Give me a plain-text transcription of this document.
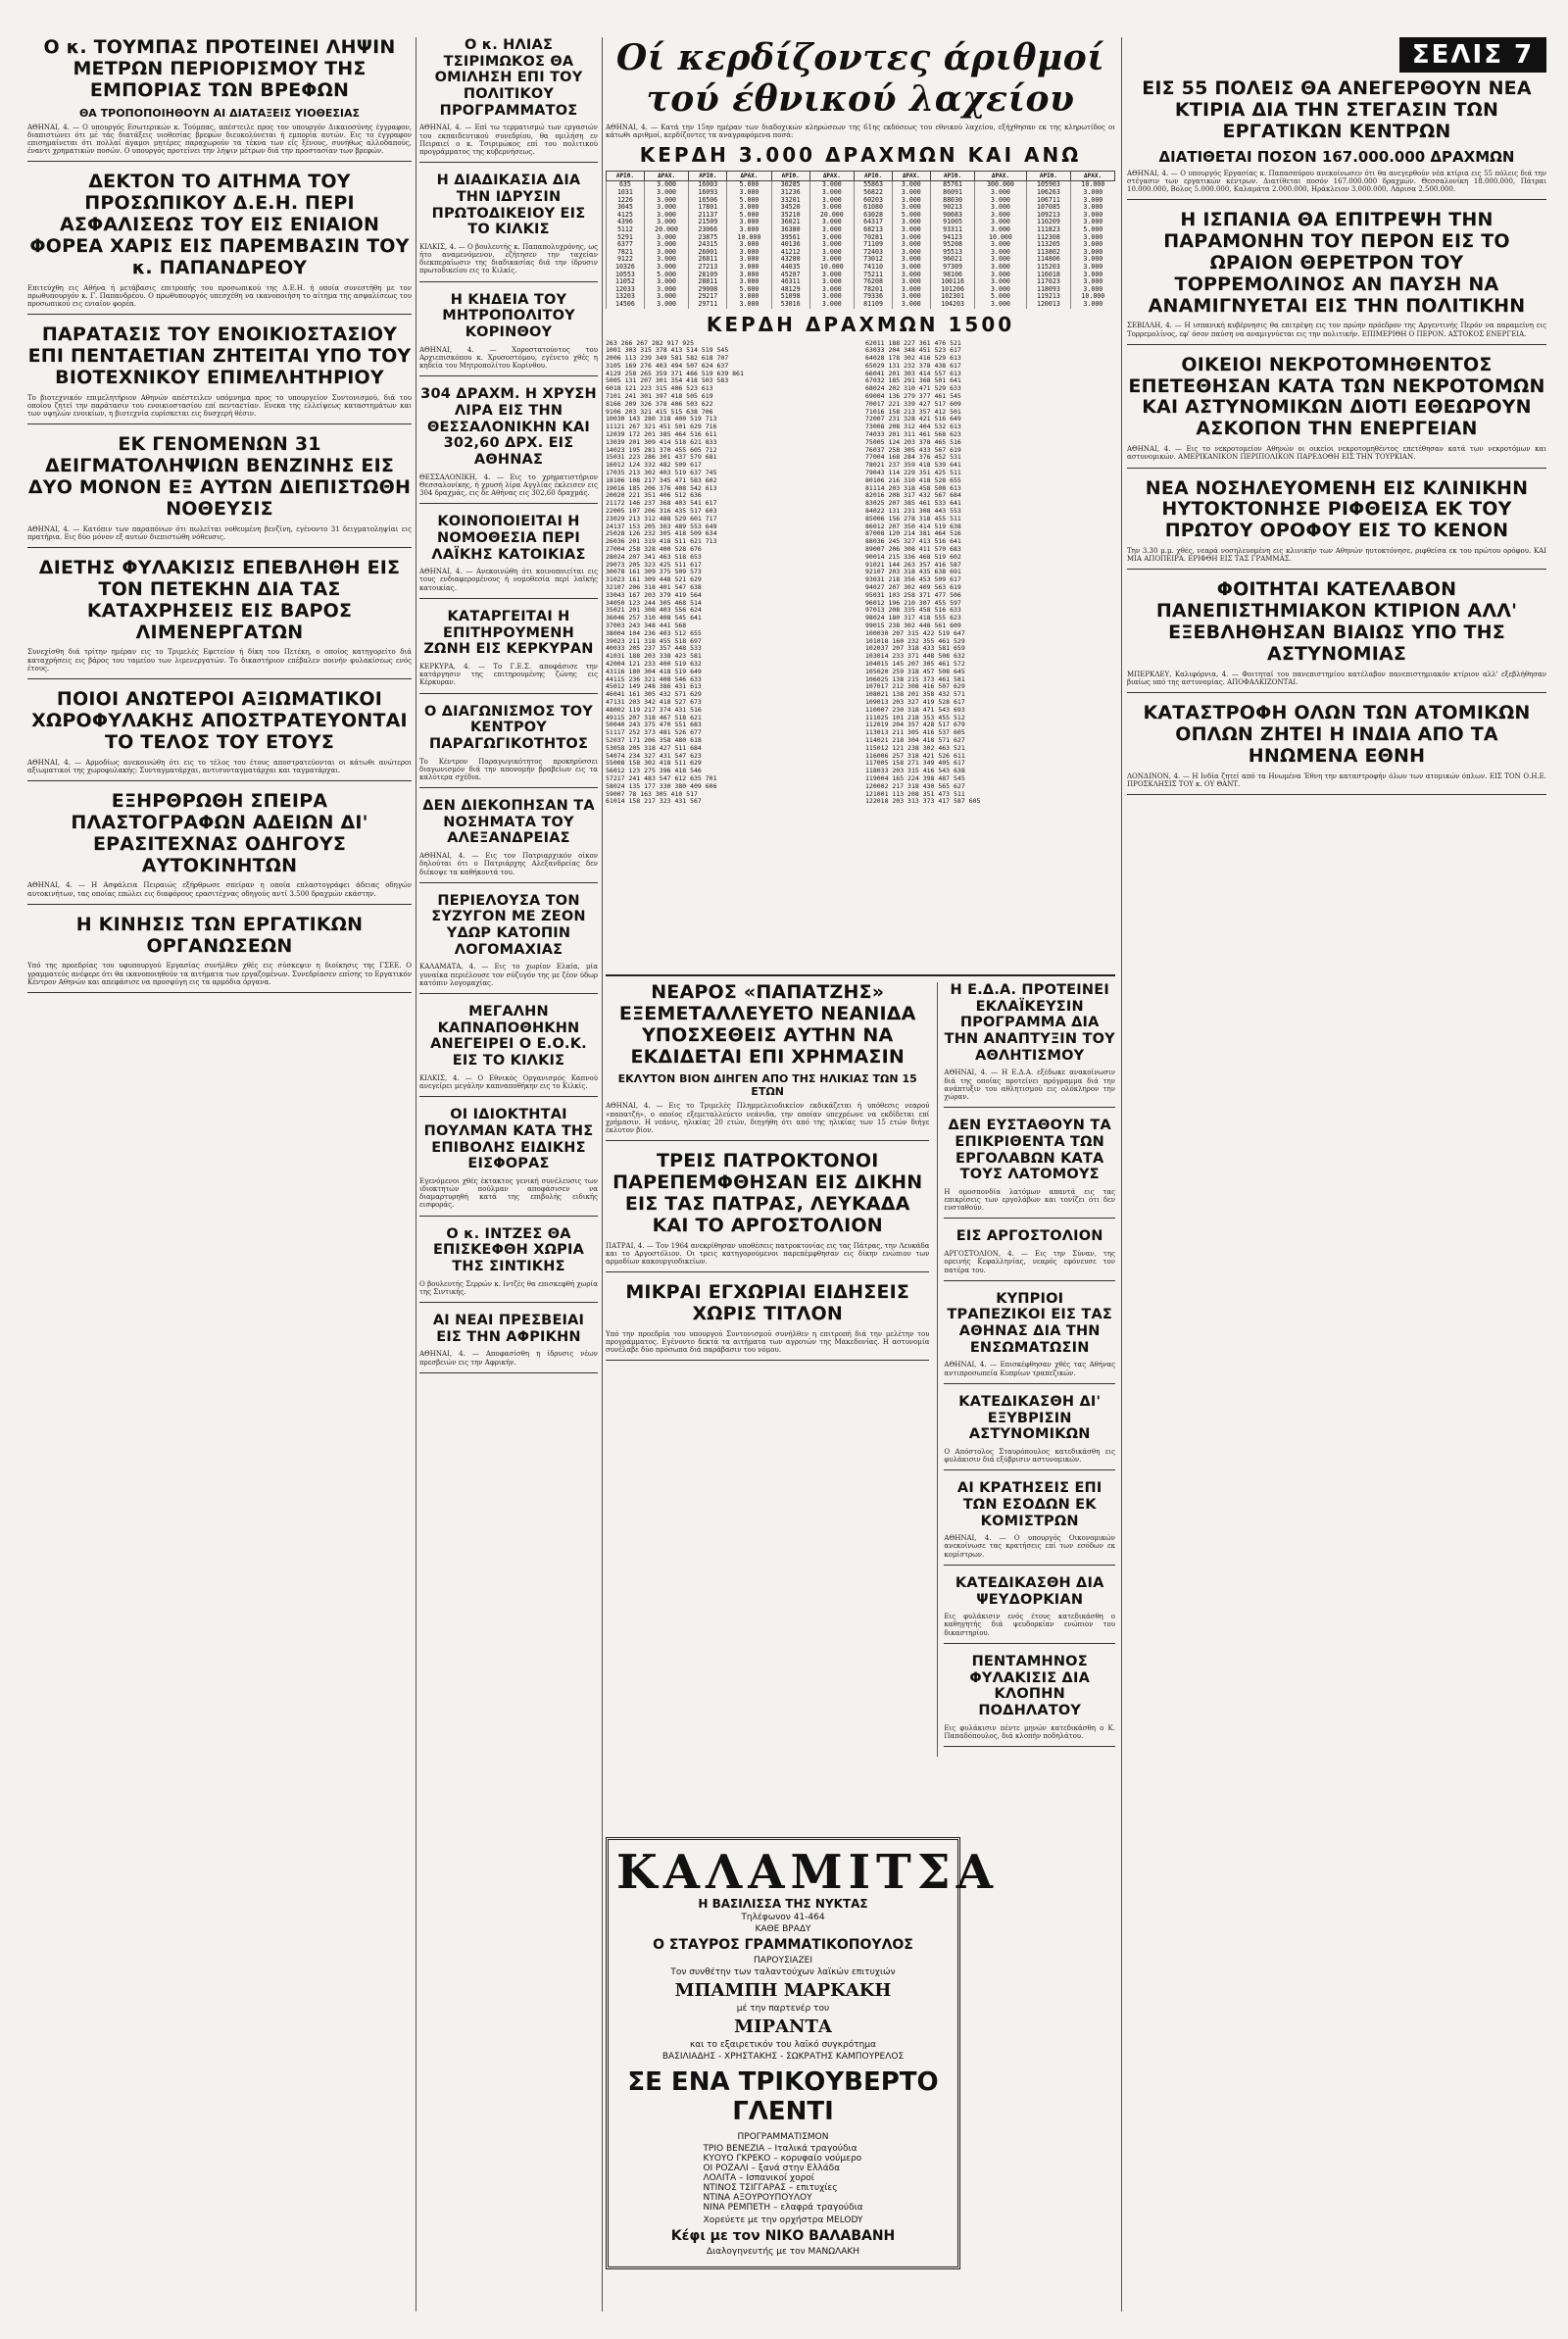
Ο κ. ΤΟΥΜΠΑΣ ΠΡΟΤΕΙΝΕΙ ΛΗΨΙΝ ΜΕΤΡΩΝ ΠΕΡΙΟΡΙΣΜΟΥ ΤΗΣ ΕΜΠΟΡΙΑΣ ΤΩΝ ΒΡΕΦΩΝ
ΘΑ ΤΡΟΠΟΠΟΙΗΘΟΥΝ ΑΙ ΔΙΑΤΑΞΕΙΣ ΥΙΟΘΕΣΙΑΣ
ΑΘΗΝΑΙ, 4. — Ο υπουργός Εσωτερικών κ. Τούμπας, απέστειλε προς τον υπουργόν Δικαιοσύνης έγγραφον, διαπιστώνει ότι μέ τάς διατάξεις υιοθεσίας βρεφών διευκολύνεται ή εμπορία αυτών. Εις το έγγραφον επισημαίνεται ότι πολλαί άγαμοι μητέρες παραχωρούν τα τέκνα των είς ξένους, συνήθως αλλοδαπούς, έναντι χρηματικών ποσών. Ο υπουργός προτείνει την λήψιν μέτρων διά την προστασίαν των βρεφών.
ΔΕΚΤΟΝ ΤΟ ΑΙΤΗΜΑ ΤΟΥ ΠΡΟΣΩΠΙΚΟΥ Δ.Ε.Η. ΠΕΡΙ ΑΣΦΑΛΙΣΕΩΣ ΤΟΥ ΕΙΣ ΕΝΙΑΙΟΝ ΦΟΡΕΑ ΧΑΡΙΣ ΕΙΣ ΠΑΡΕΜΒΑΣΙΝ ΤΟΥ κ. ΠΑΠΑΝΔΡΕΟΥ
Επιτεύχθη εις Αθήνα ή μετάβασις επιτροπής του προσωπικού της Δ.Ε.Η. ή οποία συνεστήθη με τον πρωθυπουργόν κ. Γ. Παπανδρέου. Ο πρωθυπουργός υπεσχέθη να ικανοποιήση το αίτημα της ασφαλίσεως του προσωπικού εις ενιαίον φορέα.
ΠΑΡΑΤΑΣΙΣ ΤΟΥ ΕΝΟΙΚΙΟΣΤΑΣΙΟΥ ΕΠΙ ΠΕΝΤΑΕΤΙΑΝ ΖΗΤΕΙΤΑΙ ΥΠΟ ΤΟΥ ΒΙΟΤΕΧΝΙΚΟΥ ΕΠΙΜΕΛΗΤΗΡΙΟΥ
Το βιοτεχνικόν επιμελητήριον Αθηνών απέστειλεν υπόμνημα προς το υπουργείον Συντονισμού, διά του οποίου ζητεί την παράτασιν του ενοικιοστασίου επί πενταετίαν. Ενεκα της ελλείψεως καταστημάτων και των υψηλών ενοικίων, η βιοτεχνία ευρίσκεται εις δυσχερή θέσιν.
ΕΚ ΓΕΝΟΜΕΝΩΝ 31 ΔΕΙΓΜΑΤΟΛΗΨΙΩΝ ΒΕΝΖΙΝΗΣ ΕΙΣ ΔΥΟ ΜΟΝΟΝ ΕΞ ΑΥΤΩΝ ΔΙΕΠΙΣΤΩΘΗ ΝΟΘΕΥΣΙΣ
ΑΘΗΝΑΙ, 4. — Κατόπιν των παραπόνων ότι πωλείται νοθευμένη βενζίνη, εγένοντο 31 δειγματοληψίαι εις πρατήρια. Εις δύο μόνον εξ αυτών διεπιστώθη νόθευσις.
ΔΙΕΤΗΣ ΦΥΛΑΚΙΣΙΣ ΕΠΕΒΛΗΘΗ ΕΙΣ ΤΟΝ ΠΕΤΕΚΗΝ ΔΙΑ ΤΑΣ ΚΑΤΑΧΡΗΣΕΙΣ ΕΙΣ ΒΑΡΟΣ ΛΙΜΕΝΕΡΓΑΤΩΝ
Συνεχίσθη διά τρίτην ημέραν εις το Τριμελές Εφετείον ή δίκη του Πετέκη, ο οποίος κατηγορείτο διά καταχρήσεις εις βάρος του ταμείου των λιμενεργατών. Το δικαστήριον επέβαλεν ποινήν φυλακίσεως ενός έτους.
ΠΟΙΟΙ ΑΝΩΤΕΡΟΙ ΑΞΙΩΜΑΤΙΚΟΙ ΧΩΡΟΦΥΛΑΚΗΣ ΑΠΟΣΤΡΑΤΕΥΟΝΤΑΙ ΤΟ ΤΕΛΟΣ ΤΟΥ ΕΤΟΥΣ
ΑΘΗΝΑΙ, 4. — Αρμοδίως ανεκοινώθη ότι εις το τέλος του έτους αποστρατεύονται οι κάτωθι ανώτεροι αξιωματικοί της χωροφυλακής: Συνταγματάρχαι, αντισυνταγματάρχαι και ταγματάρχαι.
ΕΞΗΡΘΡΩΘΗ ΣΠΕΙΡΑ ΠΛΑΣΤΟΓΡΑΦΩΝ ΑΔΕΙΩΝ ΔΙ' ΕΡΑΣΙΤΕΧΝΑΣ ΟΔΗΓΟΥΣ ΑΥΤΟΚΙΝΗΤΩΝ
ΑΘΗΝΑΙ, 4. — Η Ασφάλεια Πειραιώς εξήρθρωσε σπείραν η οποία επλαστογράφει άδειας οδηγών αυτοκινήτων, τας οποίας επώλει εις διαφόρους ερασιτέχνας οδηγούς αντί 3.500 δραχμών εκάστην.
Η ΚΙΝΗΣΙΣ ΤΩΝ ΕΡΓΑΤΙΚΩΝ ΟΡΓΑΝΩΣΕΩΝ
Υπό της προεδρίας του υφυπουργού Εργασίας συνήλθεν χθές εις σύσκεψιν η διοίκησις της ΓΣΕΕ. Ο γραμματεύς ανέφερε ότι θα ικανοποιηθούν τα αιτήματα των εργαζομένων. Συνεδρίασεν επίσης το Εργατικόν Κέντρον Αθηνών και απεφάσισε να προσφύγη εις τα αρμόδια όργανα.
Ο κ. ΗΛΙΑΣ ΤΣΙΡΙΜΩΚΟΣ ΘΑ ΟΜΙΛΗΣΗ ΕΠΙ ΤΟΥ ΠΟΛΙΤΙΚΟΥ ΠΡΟΓΡΑΜΜΑΤΟΣ
ΑΘΗΝΑΙ, 4. — Επί τω τερματισμώ των εργασιών του εκπαιδευτικού συνεδρίου, θα ομιλήση εν Πειραιεί ο κ. Τσιριμώκος επί του πολιτικού προγράμματος της κυβερνήσεως.
Η ΔΙΑΔΙΚΑΣΙΑ ΔΙΑ ΤΗΝ ΙΔΡΥΣΙΝ ΠΡΩΤΟΔΙΚΕΙΟΥ ΕΙΣ ΤΟ ΚΙΛΚΙΣ
ΚΙΛΚΙΣ, 4. — Ο βουλευτής κ. Παπαπολυχρόνης, ως ήτο αναμενόμενον, εζήτησεν την ταχείαν διεκπεραίωσιν της διαδικασίας διά την ίδρυσιν πρωτοδικείου εις το Κιλκίς.
Η ΚΗΔΕΙΑ ΤΟΥ ΜΗΤΡΟΠΟΛΙΤΟΥ ΚΟΡΙΝΘΟΥ
ΑΘΗΝΑΙ, 4. — Χοροστατούντος του Αρχιεπισκόπου κ. Χρυσοστόμου, εγένετο χθές η κηδεία του Μητροπολίτου Κορίνθου.
304 ΔΡΑΧΜ. Η ΧΡΥΣΗ ΛΙΡΑ ΕΙΣ ΤΗΝ ΘΕΣΣΑΛΟΝΙΚΗΝ ΚΑΙ 302,60 ΔΡΧ. ΕΙΣ ΑΘΗΝΑΣ
ΘΕΣΣΑΛΟΝΙΚΗ, 4. — Εις το χρηματιστήριον Θεσσαλονίκης, ή χρυσή λίρα Αγγλίας έκλεισεν εις 304 δραχμάς, εις δε Αθήνας εις 302,60 δραχμάς.
ΚΟΙΝΟΠΟΙΕΙΤΑΙ Η ΝΟΜΟΘΕΣΙΑ ΠΕΡΙ ΛΑΪΚΗΣ ΚΑΤΟΙΚΙΑΣ
ΑΘΗΝΑΙ, 4. — Ανεκοινώθη ότι κοινοποιείται εις τους ενδιαφερομένους ή νομοθεσία περί λαϊκής κατοικίας.
ΚΑΤΑΡΓΕΙΤΑΙ Η ΕΠΙΤΗΡΟΥΜΕΝΗ ΖΩΝΗ ΕΙΣ ΚΕΡΚΥΡΑΝ
ΚΕΡΚΥΡΑ, 4. — Το Γ.Ε.Σ. αποφάσισε την κατάργησιν της επιτηρουμένης ζώνης εις Κέρκυραν.
Ο ΔΙΑΓΩΝΙΣΜΟΣ ΤΟΥ ΚΕΝΤΡΟΥ ΠΑΡΑΓΩΓΙΚΟΤΗΤΟΣ
Το Κέντρον Παραγωγικότητος προκηρύσσει διαγωνισμόν διά την απονομήν βραβείων εις τα καλύτερα σχέδια.
ΔΕΝ ΔΙΕΚΟΠΗΣΑΝ ΤΑ ΝΟΣΗΜΑΤΑ ΤΟΥ ΑΛΕΞΑΝΔΡΕΙΑΣ
ΑΘΗΝΑΙ, 4. — Εις τον Πατριαρχικόν οίκον δηλούται ότι ο Πατριάρχης Αλεξανδρείας δεν διέκοψε τα καθήκοντά του.
ΠΕΡΙΕΛΟΥΣΑ ΤΟΝ ΣΥΖΥΓΟΝ ΜΕ ΖΕΟΝ ΥΔΩΡ ΚΑΤΟΠΙΝ ΛΟΓΟΜΑΧΙΑΣ
ΚΑΛΑΜΑΤΑ, 4. — Εις το χωρίον Ελαία, μία γυναίκα περιέλουσε τον σύζυγόν της με ζέον ύδωρ κατόπιν λογομαχίας.
ΜΕΓΑΛΗΝ ΚΑΠΝΑΠΟΘΗΚΗΝ ΑΝΕΓΕΙΡΕΙ Ο Ε.Ο.Κ. ΕΙΣ ΤΟ ΚΙΛΚΙΣ
ΚΙΛΚΙΣ, 4. — Ο Εθνικός Οργανισμός Καπνού ανεγείρει μεγάλην καπναποθήκην εις το Κιλκίς.
ΟΙ ΙΔΙΟΚΤΗΤΑΙ ΠΟΥΛΜΑΝ ΚΑΤΑ ΤΗΣ ΕΠΙΒΟΛΗΣ ΕΙΔΙΚΗΣ ΕΙΣΦΟΡΑΣ
Εγενόμενοι χθές έκτακτος γενική συνέλευσις των ιδιοκτητών πούλμαν αποφάσισεν να διαμαρτυρηθή κατά της επιβολής ειδικής εισφοράς.
Ο κ. ΙΝΤΖΕΣ ΘΑ ΕΠΙΣΚΕΦΘΗ ΧΩΡΙΑ ΤΗΣ ΣΙΝΤΙΚΗΣ
Ο βουλευτής Σερρών κ. Ιντζές θα επισκεφθή χωρία της Σιντικής.
ΑΙ ΝΕΑΙ ΠΡΕΣΒΕΙΑΙ ΕΙΣ ΤΗΝ ΑΦΡΙΚΗΝ
ΑΘΗΝΑΙ, 4. — Αποφασίσθη η ίδρυσις νέων πρεσβειών εις την Αφρικήν.
Οί κερδίζοντες άριθμοί τού έθνικού λαχείου
ΑΘΗΝΑΙ, 4. — Κατά την 15ην ημέραν των διαδοχικών κληρώσεων της 61ης εκδόσεως του εθνικού λαχείου, εξήχθησαν εκ της κληρωτίδος οι κάτωθι αριθμοί, κερδίζοντες τα αναγραφόμενα ποσά:
ΚΕΡΔΗ 3.000 ΔΡΑΧΜΩΝ ΚΑΙ ΑΝΩ
ΑΡΙΘ.	ΔΡΑΧ.	ΑΡΙΘ.	ΔΡΑΧ.	ΑΡΙΘ.	ΔΡΑΧ.	ΑΡΙΘ.	ΔΡΑΧ.	ΑΡΙΘ.	ΔΡΑΧ.	ΑΡΙΘ.	ΔΡΑΧ.
635	3.000	16003	5.000	30285	3.000	55863	3.000	85761	300.000	105903	10.000
1031	3.000	16093	3.000	31236	3.000	56822	3.000	86091	3.000	106263	3.000
1226	3.000	16506	5.000	33201	3.000	60203	3.000	88030	3.000	106711	3.000
3045	3.000	17801	3.000	34520	3.000	61080	3.000	90213	3.000	107085	3.000
4125	3.000	21137	5.000	35210	20.000	63028	5.000	90683	3.000	109213	3.000
4396	3.000	21509	3.000	36021	3.000	64317	3.000	91005	3.000	110209	3.000
5112	20.000	23066	3.000	36380	3.000	68213	3.000	93311	3.000	111823	5.000
5291	3.000	23875	10.000	39561	3.000	70281	3.000	94123	10.000	112308	3.000
6377	3.000	24315	3.000	40136	3.000	71109	3.000	95208	3.000	113205	3.000
7821	3.000	26001	3.000	41212	3.000	72403	3.000	95513	3.000	113802	3.000
9122	3.000	26811	3.000	43280	3.000	73012	3.000	96021	3.000	114806	3.000
10326	3.000	27213	3.000	44035	10.000	74110	3.000	97309	3.000	115203	3.000
10553	5.000	28109	3.000	45207	3.000	75211	3.000	98106	3.000	116018	3.000
11052	3.000	28811	3.000	46311	3.000	76208	3.000	100116	3.000	117023	3.000
12033	3.000	29008	5.000	48129	3.000	78201	3.000	101206	3.000	118093	3.000
13203	3.000	29217	3.000	51098	3.000	79336	3.000	102301	5.000	119213	10.000
14506	3.000	29711	3.000	53016	3.000	81109	3.000	104203	3.000	120013	3.000
ΚΕΡΔΗ ΔΡΑΧΜΩΝ 1500
263 266 267 282 917 925
1001 303 315 378 413 514 519 545
2006 113 239 349 581 582 618 707
3105 169 276 403 494 507 624 637
4129 258 265 359 371 466 519 639 861
5005 131 207 301 354 418 503 583
6018 121 223 315 406 523 613
7101 241 301 397 418 505 619
8166 209 326 378 406 503 622
9106 203 321 415 515 638 706
10030 143 280 318 400 519 713
11121 267 321 451 501 629 716
12039 172 201 385 464 516 611
13039 201 309 414 518 621 833
14023 195 281 370 455 605 712
15031 223 286 301 437 579 681
16012 124 332 482 509 617
17035 213 302 403 519 637 745
18106 108 217 345 471 583 602
19016 185 206 376 408 542 613
20020 221 351 406 512 636
21172 146 237 368 403 541 617
22005 107 206 316 435 517 603
23029 213 312 488 529 601 717
24137 153 205 303 489 553 649
25028 126 232 305 418 509 634
26036 201 319 418 511 621 713
27004 258 328 400 528 676
28024 207 341 463 518 653
29073 205 323 425 511 617
30078 161 309 375 509 573
31023 161 309 448 521 629
32107 206 318 401 547 638
33043 167 203 379 419 564
34050 123 244 305 468 514
35021 201 308 403 556 624
36046 257 310 408 545 641
37003 243 348 441 568
38004 104 236 403 512 655
39023 211 318 455 518 697
40033 205 237 357 448 533
41031 188 203 338 423 581
42004 121 233 400 519 632
43116 180 304 418 519 649
44115 236 321 408 546 633
45012 149 248 386 431 613
46041 161 305 432 571 629
47131 203 342 418 527 673
48002 119 217 374 431 516
49115 207 318 467 518 621
50040 243 375 470 551 683
51117 252 373 481 526 677
52037 171 206 358 480 618
53058 205 318 427 511 684
54074 234 327 431 547 623
55008 158 302 418 511 629
56012 123 275 396 418 546
57217 241 483 547 612 635 701
58024 135 177 330 380 409 606
59007 78 163 305 410 517
61014 158 217 323 431 567
62011 188 227 361 476 521
63033 204 348 451 523 617
64028 178 302 416 529 613
65029 131 232 378 438 617
66041 201 303 414 557 613
67032 185 291 368 501 641
68024 202 310 471 529 633
69004 136 279 377 461 545
70017 221 339 427 517 609
71016 158 213 357 412 501
72007 231 328 421 516 649
73008 208 312 404 532 613
74033 201 311 461 568 623
75005 124 203 378 465 516
76037 258 305 433 567 619
77004 168 284 376 452 531
78021 237 359 418 539 641
79043 114 229 351 425 511
80106 216 310 418 528 655
81114 203 318 458 508 613
82016 208 317 432 567 684
83025 207 385 461 533 641
84022 131 231 308 443 553
85006 156 278 318 455 511
86012 207 350 414 519 638
87008 120 214 381 464 516
88036 245 327 413 516 641
89007 206 308 411 570 683
90014 215 336 468 519 602
91021 144 263 357 416 587
92107 203 318 435 638 691
93031 218 356 453 509 617
94027 207 302 409 563 619
95031 103 258 371 477 506
96012 196 210 307 455 597
97013 208 335 458 516 633
98024 180 317 418 555 623
99015 238 302 448 561 609
100030 207 315 422 519 647
101018 160 232 355 461 529
102037 207 318 433 581 659
103014 233 371 448 508 632
104015 145 207 305 461 572
105020 259 318 457 508 645
106025 138 215 373 461 581
107017 212 308 416 507 629
108021 138 201 358 432 571
109013 203 327 419 528 617
110007 230 318 471 543 693
111025 101 218 353 455 512
112019 204 357 428 517 679
113013 211 305 416 537 605
114021 218 304 418 571 627
115012 121 238 302 463 521
116006 257 318 421 526 611
117005 158 271 349 405 617
118033 203 315 416 543 638
119004 165 224 398 487 545
120002 217 318 430 565 627
121001 113 208 351 473 511
122018 203 313 373 417 587 605
ΝΕΑΡΟΣ «ΠΑΠΑΤΖΗΣ» ΕΞΕΜΕΤΑΛΛΕΥΕΤΟ ΝΕΑΝΙΔΑ ΥΠΟΣΧΕΘΕΙΣ ΑΥΤΗΝ ΝΑ ΕΚΔΙΔΕΤΑΙ ΕΠΙ ΧΡΗΜΑΣΙΝ
ΕΚΛΥΤΟΝ ΒΙΟΝ ΔΙΗΓΕΝ ΑΠΟ ΤΗΣ ΗΛΙΚΙΑΣ ΤΩΝ 15 ΕΤΩΝ
ΑΘΗΝΑΙ, 4. — Εις το Τριμελές Πλημμελειοδικείον εκδικάζεται ή υπόθεσις νεαρού «παπατζή», ο οποίος εξεμεταλλεύετο νεάνιδα, την οποίαν υπεχρέωνε να εκδίδεται επί χρήμασιν. Η νεάνις, ηλικίας 20 ετών, διηγήθη ότι από της ηλικίας των 15 ετών διήγε έκλυτον βίον.
ΤΡΕΙΣ ΠΑΤΡΟΚΤΟΝΟΙ ΠΑΡΕΠΕΜΦΘΗΣΑΝ ΕΙΣ ΔΙΚΗΝ ΕΙΣ ΤΑΣ ΠΑΤΡΑΣ, ΛΕΥΚΑΔΑ ΚΑΙ ΤΟ ΑΡΓΟΣΤΟΛΙΟΝ
ΠΑΤΡΑΙ, 4. — Τον 1964 ανεκρίθησαν υποθέσεις πατροκτονίας εις τας Πάτρας, την Λευκάδα και το Αργοστόλιον. Οι τρεις κατηγορούμενοι παρεπέμφθησαν εις δίκην ενώπιον των αρμοδίων κακουργιοδικείων.
ΜΙΚΡΑΙ ΕΓΧΩΡΙΑΙ ΕΙΔΗΣΕΙΣ ΧΩΡΙΣ ΤΙΤΛΟΝ
Υπό την προεδρία του υπουργού Συντονισμού συνήλθεν η επιτροπή διά την μελέτην του προγράμματος. Εγένοντο δεκτά τα αιτήματα των αγροτών της Μακεδονίας. Η αστυνομία συνέλαβε δύο πρόσωπα διά παράβασιν του νόμου.
Η Ε.Δ.Α. ΠΡΟΤΕΙΝΕΙ ΕΚΛΑΪΚΕΥΣΙΝ ΠΡΟΓΡΑΜΜΑ ΔΙΑ ΤΗΝ ΑΝΑΠΤΥΞΙΝ ΤΟΥ ΑΘΛΗΤΙΣΜΟΥ
ΑΘΗΝΑΙ, 4. — Η Ε.Δ.Α. εξέδωκε ανακοίνωσιν διά της οποίας προτείνει πρόγραμμα διά την ανάπτυξιν του αθλητισμού εις ολόκληρον την χώραν.
ΔΕΝ ΕΥΣΤΑΘΟΥΝ ΤΑ ΕΠΙΚΡΙΘΕΝΤΑ ΤΩΝ ΕΡΓΟΛΑΒΩΝ ΚΑΤΑ ΤΟΥΣ ΛΑΤΟΜΟΥΣ
Η ομοσπονδία λατόμων απαντά εις τας επικρίσεις των εργολάβων και τονίζει ότι δεν ευσταθούν.
ΕΙΣ ΑΡΓΟΣΤΟΛΙΟΝ
ΑΡΓΟΣΤΟΛΙΟΝ, 4. — Εις την Σύναν, της ορεινής Κεφαλληνίας, νεαρός εφόνευσε τον πατέρα του.
ΚΥΠΡΙΟΙ ΤΡΑΠΕΖΙΚΟΙ ΕΙΣ ΤΑΣ ΑΘΗΝΑΣ ΔΙΑ ΤΗΝ ΕΝΣΩΜΑΤΩΣΙΝ
ΑΘΗΝΑΙ, 4. — Επισκέφθησαν χθές τας Αθήνας αντιπροσωπεία Κυπρίων τραπεζικών.
ΚΑΤΕΔΙΚΑΣΘΗ ΔΙ' ΕΞΥΒΡΙΣΙΝ ΑΣΤΥΝΟΜΙΚΩΝ
Ο Απόστολος Σταυρόπουλος κατεδικάσθη εις φυλάκισιν διά εξύβρισιν αστυνομικών.
ΑΙ ΚΡΑΤΗΣΕΙΣ ΕΠΙ ΤΩΝ ΕΣΟΔΩΝ ΕΚ ΚΟΜΙΣΤΡΩΝ
ΑΘΗΝΑΙ, 4. — Ο υπουργός Οικονομικών ανεκοίνωσε τας κρατήσεις επί των εσόδων εκ κομίστρων.
ΚΑΤΕΔΙΚΑΣΘΗ ΔΙΑ ΨΕΥΔΟΡΚΙΑΝ
Εις φυλάκισιν ενός έτους κατεδικάσθη ο καθηγητής διά ψευδορκίαν ενώπιον του δικαστηρίου.
ΠΕΝΤΑΜΗΝΟΣ ΦΥΛΑΚΙΣΙΣ ΔΙΑ ΚΛΟΠΗΝ ΠΟΔΗΛΑΤΟΥ
Εις φυλάκισιν πέντε μηνών κατεδικάσθη ο Κ. Παπαδόπουλος, διά κλοπήν ποδηλάτου.
ΚΑΛΑΜΙΤΣΑ
Η ΒΑΣΙΛΙΣΣΑ ΤΗΣ ΝΥΚΤΑΣ
Τηλέφωνον 41-464
ΚΑΘΕ ΒΡΑΔΥ
Ο ΣΤΑΥΡΟΣ ΓΡΑΜΜΑΤΙΚΟΠΟΥΛΟΣ
ΠΑΡΟΥΣΙΑΖΕΙ
Τον συνθέτην των ταλαντούχων λαϊκών επιτυχιών
ΜΠΑΜΠΗ ΜΑΡΚΑΚΗ
μέ την παρτενέρ του
ΜΙΡΑΝΤΑ
και το εξαιρετικόν του λαϊκό συγκρότημα
ΒΑΣΙΛΙΑΔΗΣ - ΧΡΗΣΤΑΚΗΣ - ΣΩΚΡΑΤΗΣ ΚΑΜΠΟΥΡΕΛΟΣ
ΣΕ ΕΝΑ ΤΡΙΚΟΥΒΕΡΤΟ ΓΛΕΝΤΙ
ΠΡΟΓΡΑΜΜΑΤΙΣΜΟΝ
ΤΡΙΟ ΒΕΝΕΖΙΑ – Ιταλικά τραγούδια
ΚΥΟΥΟ ΓΚΡΕΚΟ – κορυφαίο νούμερο
ΟΙ ΡΟΖΑΛΙ – ξανά στην Ελλάδα
ΛΟΛΙΤΑ – Ισπανικοί χοροί
ΝΤΙΝΟΣ ΤΣΙΓΓΑΡΑΣ – επιτυχίες
ΝΤΙΝΑ ΑΞΟΥΡΟΥΠΟΥΛΟΥ
ΝΙΝΑ ΡΕΜΠΕΤΗ – ελαφρά τραγούδια
Χορεύετε με την ορχήστρα MELODY
Κέφι με τον ΝΙΚΟ ΒΑΛΑΒΑΝΗ
Διαλογηνευτής με τον ΜΑΝΩΛΑΚΗ
ΣΕΛΙΣ 7
ΕΙΣ 55 ΠΟΛΕΙΣ ΘΑ ΑΝΕΓΕΡΘΟΥΝ ΝΕΑ ΚΤΙΡΙΑ ΔΙΑ ΤΗΝ ΣΤΕΓΑΣΙΝ ΤΩΝ ΕΡΓΑΤΙΚΩΝ ΚΕΝΤΡΩΝ
ΔΙΑΤΙΘΕΤΑΙ ΠΟΣΟΝ 167.000.000 ΔΡΑΧΜΩΝ
ΑΘΗΝΑΙ, 4. — Ο υπουργός Εργασίας κ. Παπασπύρου ανεκοίνωσεν ότι θα ανεγερθούν νέα κτίρια εις 55 πόλεις διά την στέγασιν των εργατικών κέντρων. Διατίθεται ποσόν 167.000.000 δραχμών. Θεσσαλονίκη 18.000.000, Πάτραι 10.000.000, Βόλος 5.000.000, Καλαμάτα 2.000.000, Ηράκλειον 3.000.000, Λάρισα 2.500.000.
Η ΙΣΠΑΝΙΑ ΘΑ ΕΠΙΤΡΕΨΗ ΤΗΝ ΠΑΡΑΜΟΝΗΝ ΤΟΥ ΠΕΡΟΝ ΕΙΣ ΤΟ ΩΡΑΙΟΝ ΘΕΡΕΤΡΟΝ ΤΟΥ ΤΟΡΡΕΜΟΛΙΝΟΣ ΑΝ ΠΑΥΣΗ ΝΑ ΑΝΑΜΙΓΝΥΕΤΑΙ ΕΙΣ ΤΗΝ ΠΟΛΙΤΙΚΗΝ
ΣΕΒΙΛΛΗ, 4. — Η ισπανική κυβέρνησις θα επιτρέψη εις τον πρώην πρόεδρον της Αργεντινής Περόν να παραμείνη εις Τορρεμολίνος, εφ' όσον παύση να αναμιγνύεται εις την πολιτικήν. ΕΠΙΜΕΡΙΘΗ Ο ΠΕΡΟΝ. ΑΣΤΟΚΟΣ ΕΝΕΡΓΕΙΑ.
ΟΙΚΕΙΟΙ ΝΕΚΡΟΤΟΜΗΘΕΝΤΟΣ ΕΠΕΤΕΘΗΣΑΝ ΚΑΤΑ ΤΩΝ ΝΕΚΡΟΤΟΜΩΝ ΚΑΙ ΑΣΤΥΝΟΜΙΚΩΝ ΔΙΟΤΙ ΕΘΕΩΡΟΥΝ ΑΣΚΟΠΟΝ ΤΗΝ ΕΝΕΡΓΕΙΑΝ
ΑΘΗΝΑΙ, 4. — Εις το νεκροτομείον Αθηνών οι οικείοι νεκροτομηθέντος επετέθησαν κατά των νεκροτόμων και αστυνομικών. ΑΜΕΡΙΚΑΝΙΚΟΝ ΠΕΡΙΠΟΛΙΚΟΝ ΠΑΡΕΔΟΘΗ ΕΙΣ ΤΗΝ ΤΟΥΡΚΙΑΝ.
ΝΕΑ ΝΟΣΗΛΕΥΟΜΕΝΗ ΕΙΣ ΚΛΙΝΙΚΗΝ ΗΥΤΟΚΤΟΝΗΣΕ ΡΙΦΘΕΙΣΑ ΕΚ ΤΟΥ ΠΡΩΤΟΥ ΟΡΟΦΟΥ ΕΙΣ ΤΟ ΚΕΝΟΝ
Την 3.30 μ.μ. χθές, νεαρά νοσηλευομένη εις κλινικήν των Αθηνών ηυτοκτόνησε, ριφθείσα εκ του πρώτου ορόφου. ΚΑΙ ΜΙΑ ΑΠΟΠΕΙΡΑ. ΕΡΙΦΘΗ ΕΙΣ ΤΑΣ ΓΡΑΜΜΑΣ.
ΦΟΙΤΗΤΑΙ ΚΑΤΕΛΑΒΟΝ ΠΑΝΕΠΙΣΤΗΜΙΑΚΟΝ ΚΤΙΡΙΟΝ ΑΛΛ' ΕΞΕΒΛΗΘΗΣΑΝ ΒΙΑΙΩΣ ΥΠΟ ΤΗΣ ΑΣΤΥΝΟΜΙΑΣ
ΜΠΕΡΚΛΕΫ, Καλιφόρνια, 4. — Φοιτηταί του πανεπιστημίου κατέλαβον πανεπιστημιακόν κτίριον αλλ' εξεβλήθησαν βιαίως υπό της αστυνομίας. ΑΠΟΦΑΛΚΙΖΟΝΤΑΙ.
ΚΑΤΑΣΤΡΟΦΗ ΟΛΩΝ ΤΩΝ ΑΤΟΜΙΚΩΝ ΟΠΛΩΝ ΖΗΤΕΙ Η ΙΝΔΙΑ ΑΠΟ ΤΑ ΗΝΩΜΕΝΑ ΕΘΝΗ
ΛΟΝΔΙΝΟΝ, 4. — Η Ινδία ζητεί από τα Ηνωμένα Έθνη την καταστροφήν όλων των ατομικών όπλων. ΕΙΣ ΤΟΝ Ο.Η.Ε. ΠΡΟΣΚΛΗΣΙΣ ΤΟΥ κ. ΟΥ ΘΑΝΤ.
